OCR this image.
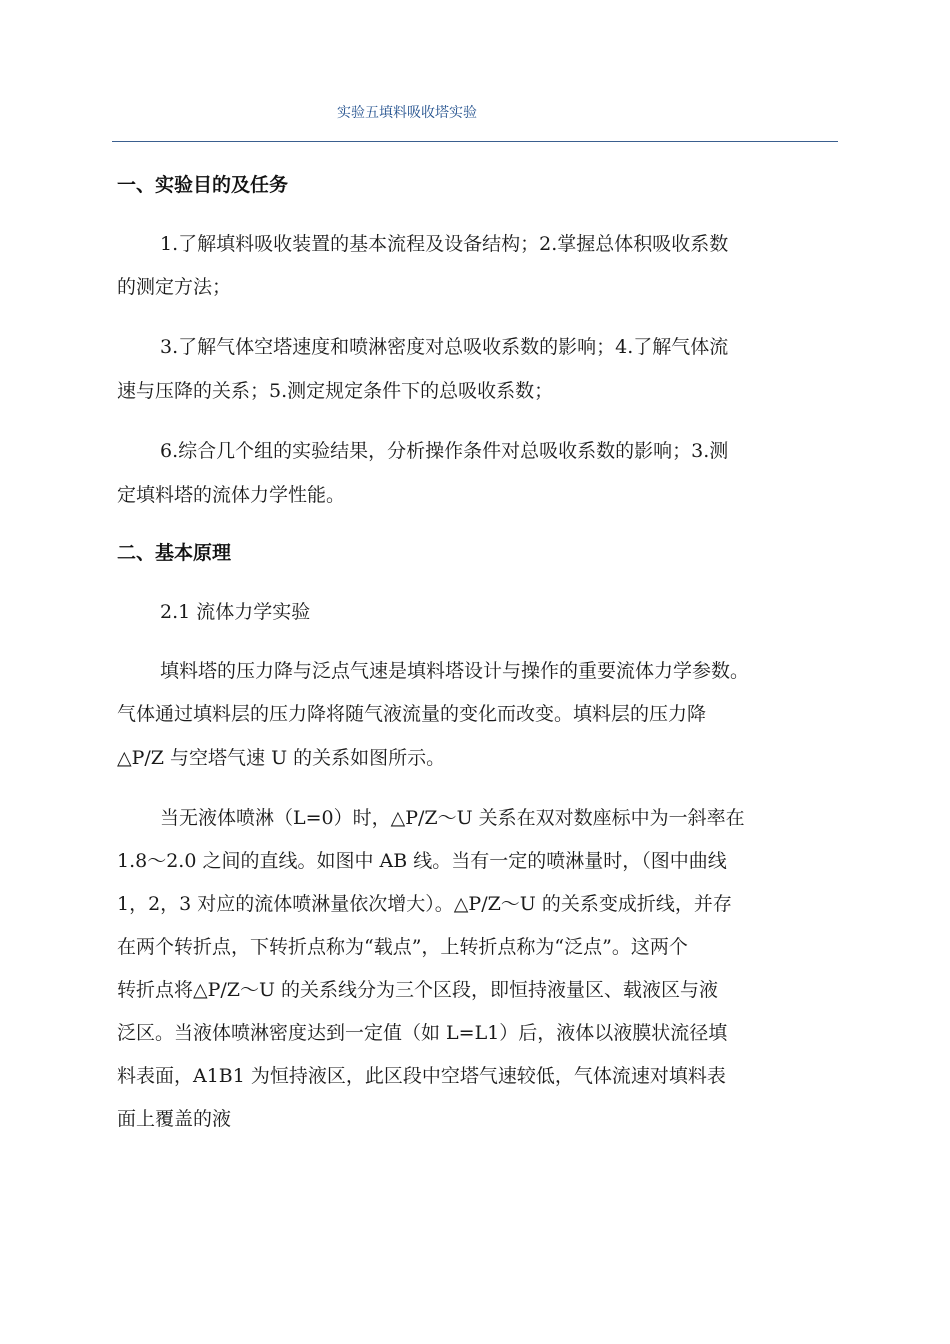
实验五填料吸收塔实验
一、实验目的及任务
1.了解填料吸收装置的基本流程及设备结构；2.掌握总体积吸收系数
的测定方法；
3.了解气体空塔速度和喷淋密度对总吸收系数的影响；4.了解气体流
速与压降的关系；5.测定规定条件下的总吸收系数；
6.综合几个组的实验结果，分析操作条件对总吸收系数的影响；3.测
定填料塔的流体力学性能。
二、基本原理
2.1 流体力学实验
填料塔的压力降与泛点气速是填料塔设计与操作的重要流体力学参数。
气体通过填料层的压力降将随气液流量的变化而改变。填料层的压力降
△P/Z 与空塔气速 U 的关系如图所示。
当无液体喷淋（L=0）时，△P/Z～U 关系在双对数座标中为一斜率在
1.8～2.0 之间的直线。如图中 AB 线。当有一定的喷淋量时，（图中曲线
1，2，3 对应的流体喷淋量依次增大）。△P/Z～U 的关系变成折线，并存
在两个转折点，下转折点称为“载点”，上转折点称为“泛点”。这两个
转折点将△P/Z～U 的关系线分为三个区段，即恒持液量区、载液区与液
泛区。当液体喷淋密度达到一定值（如 L=L1）后，液体以液膜状流径填
料表面，A1B1 为恒持液区，此区段中空塔气速较低，气体流速对填料表
面上覆盖的液
